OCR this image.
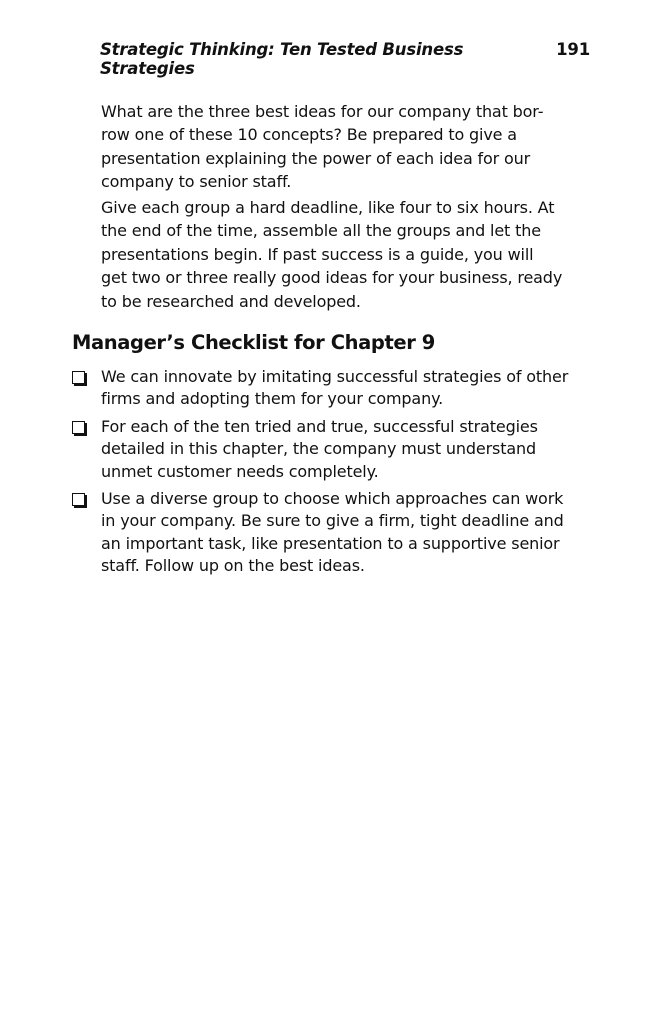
Strategic Thinking: Ten Tested Business Strategies
191

What are the three best ideas for our company that bor-
row one of these 10 concepts? Be prepared to give a
presentation explaining the power of each idea for our
company to senior staff.

Give each group a hard deadline, like four to six hours. At
the end of the time, assemble all the groups and let the
presentations begin. If past success is a guide, you will
get two or three really good ideas for your business, ready
to be researched and developed.

Manager’s Checklist for Chapter 9
We can innovate by imitating successful strategies of other
firms and adopting them for your company.
For each of the ten tried and true, successful strategies
detailed in this chapter, the company must understand
unmet customer needs completely.
Use a diverse group to choose which approaches can work
in your company. Be sure to give a firm, tight deadline and
an important task, like presentation to a supportive senior
staff. Follow up on the best ideas.
